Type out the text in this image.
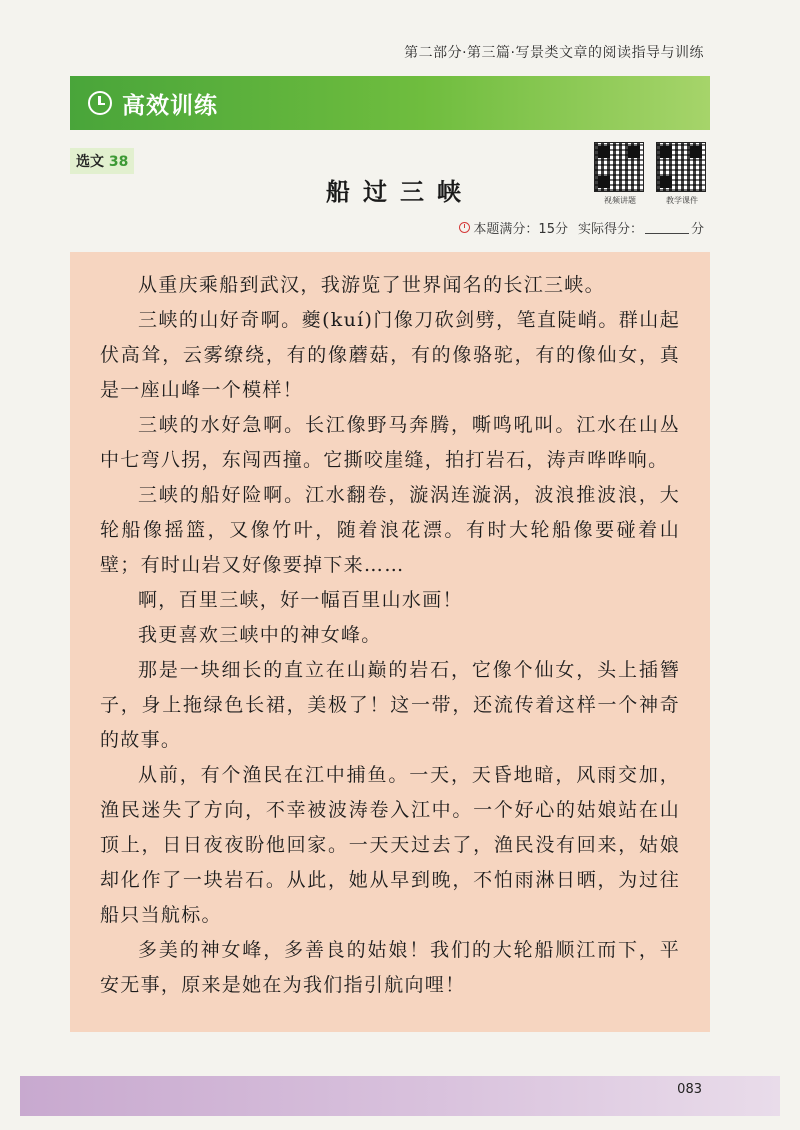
第二部分·第三篇·写景类文章的阅读指导与训练
高效训练
选文 38
船过三峡	视频讲题	教学课件
本题满分：15分 实际得分：	分

从重庆乘船到武汉，我游览了世界闻名的长江三峡。

三峡的山好奇啊。夔(kuí)门像刀砍剑劈，笔直陡峭。群山起伏高耸，云雾缭绕，有的像蘑菇，有的像骆驼，有的像仙女，真是一座山峰一个模样！

三峡的水好急啊。长江像野马奔腾，嘶鸣吼叫。江水在山丛中七弯八拐，东闯西撞。它撕咬崖缝，拍打岩石，涛声哗哗响。

三峡的船好险啊。江水翻卷，漩涡连漩涡，波浪推波浪，大轮船像摇篮，又像竹叶，随着浪花漂。有时大轮船像要碰着山壁；有时山岩又好像要掉下来……

啊，百里三峡，好一幅百里山水画！

我更喜欢三峡中的神女峰。

那是一块细长的直立在山巅的岩石，它像个仙女，头上插簪子，身上拖绿色长裙，美极了！这一带，还流传着这样一个神奇的故事。

从前，有个渔民在江中捕鱼。一天，天昏地暗，风雨交加，渔民迷失了方向，不幸被波涛卷入江中。一个好心的姑娘站在山顶上，日日夜夜盼他回家。一天天过去了，渔民没有回来，姑娘却化作了一块岩石。从此，她从早到晚，不怕雨淋日晒，为过往船只当航标。

多美的神女峰，多善良的姑娘！我们的大轮船顺江而下，平安无事，原来是她在为我们指引航向哩！

083
